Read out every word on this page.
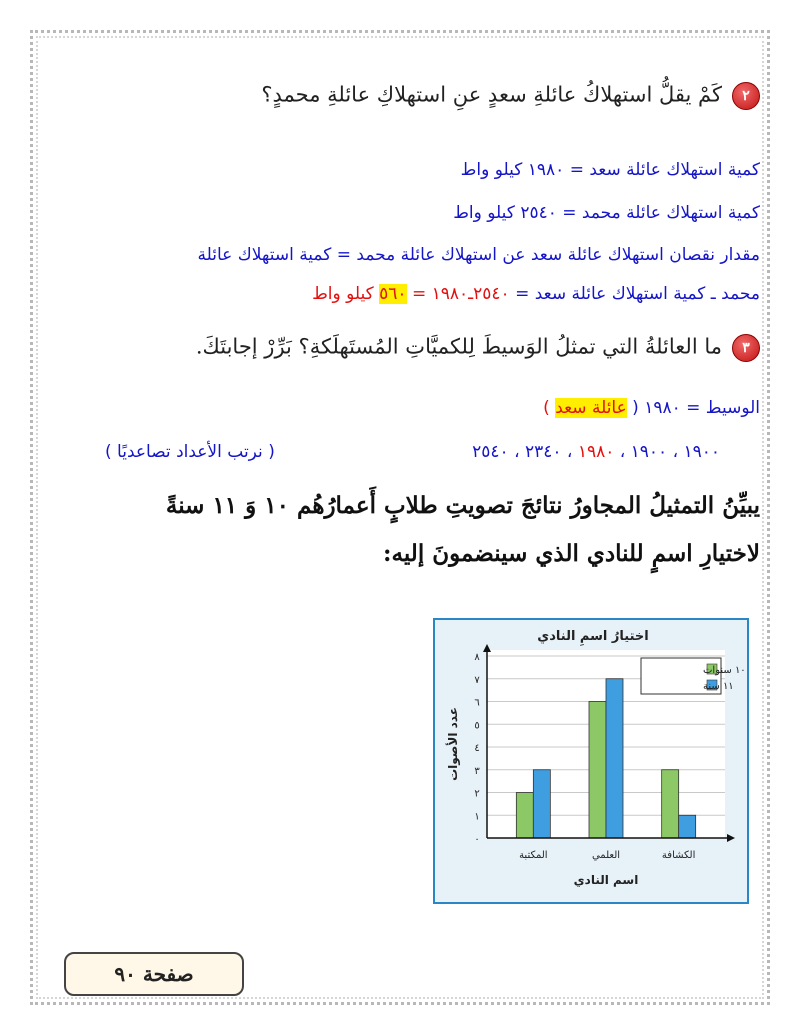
٢كَمْ يقلُّ استهلاكُ عائلةِ سعدٍ عنِ استهلاكِ عائلةِ محمدٍ؟
كمية استهلاك عائلة سعد = ١٩٨٠ كيلو واط
كمية استهلاك عائلة محمد = ٢٥٤٠ كيلو واط
مقدار نقصان استهلاك عائلة سعد عن استهلاك عائلة محمد = كمية استهلاك عائلة
محمد ـ كمية استهلاك عائلة سعد = ٢٥٤٠ـ١٩٨٠ = ٥٦٠ كيلو واط
٣ما العائلةُ التي تمثلُ الوَسيطَ لِلكميَّاتِ المُستَهلَكةِ؟ بَرِّرْ إجابتَكَ.
الوسيط = ١٩٨٠ ( عائلة سعد )
١٩٠٠ ، ١٩٠٠ ، ١٩٨٠ ، ٢٣٤٠ ، ٢٥٤٠
( نرتب الأعداد تصاعديًا )
يبيِّنُ التمثيلُ المجاورُ نتائجَ تصويتِ طلابٍ أَعمارُهُم ١٠ وَ ١١ سنةً
لاختيارِ اسمٍ للنادي الذي سينضمونَ إليه:
اختيارُ اسمِ النادي
٠
١
٢
٣
٤
٥
٦
٧
٨
عدد الأصوات
المكتبة	العلمي	الكشافة
اسم النادي
١٠ سنوات
١١ سنة
صفحة ٩٠
